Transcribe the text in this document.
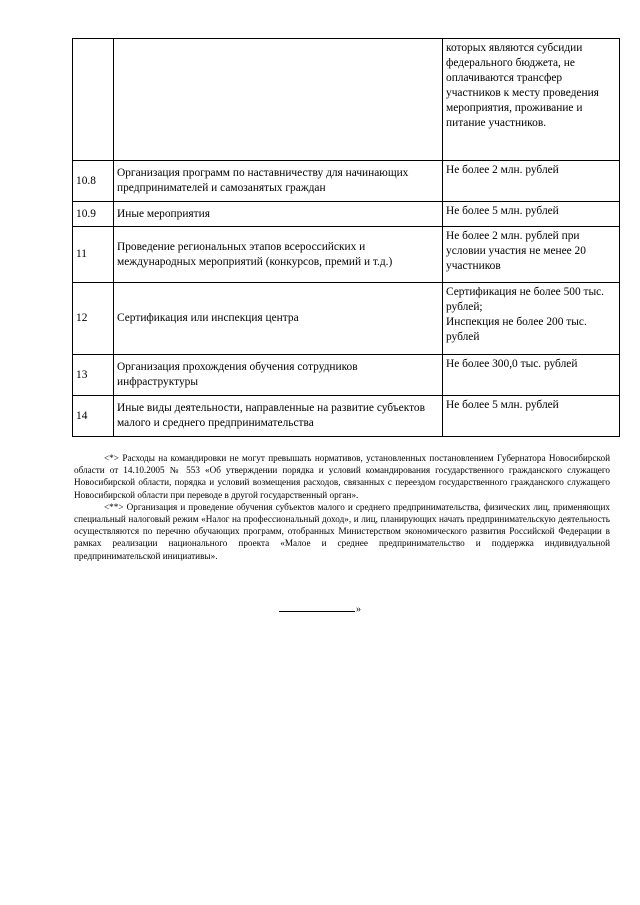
		которых являются субсидии федерального бюджета, не оплачиваются трансфер участников к месту проведения мероприятия, проживание и питание участников.
10.8	Организация программ по наставничеству для начинающих предпринимателей и самозанятых граждан	Не более 2 млн. рублей
10.9	Иные мероприятия	Не более 5 млн. рублей
11	Проведение региональных этапов всероссийских и международных мероприятий (конкурсов, премий и т.д.)	Не более 2 млн. рублей при условии участия не менее 20 участников
12	Сертификация или инспекция центра	Сертификация не более 500 тыс. рублей;
Инспекция не более 200 тыс. рублей
13	Организация прохождения обучения сотрудников инфраструктуры	Не более 300,0 тыс. рублей
14	Иные виды деятельности, направленные на развитие субъектов малого и среднего предпринимательства	Не более 5 млн. рублей

<*> Расходы на командировки не могут превышать нормативов, установленных постановлением Губернатора Новосибирской области от 14.10.2005 № 553 «Об утверждении порядка и условий командирования государственного гражданского служащего Новосибирской области, порядка и условий возмещения расходов, связанных с переездом государственного гражданского служащего Новосибирской области при переводе в другой государственный орган».

<**> Организация и проведение обучения субъектов малого и среднего предпринимательства, физических лиц, применяющих специальный налоговый режим «Налог на профессиональный доход», и лиц, планирующих начать предпринимательскую деятельность осуществляются по перечню обучающих программ, отобранных Министерством экономического развития Российской Федерации в рамках реализации национального проекта «Малое и среднее предпринимательство и поддержка индивидуальной предпринимательской инициативы».

»
